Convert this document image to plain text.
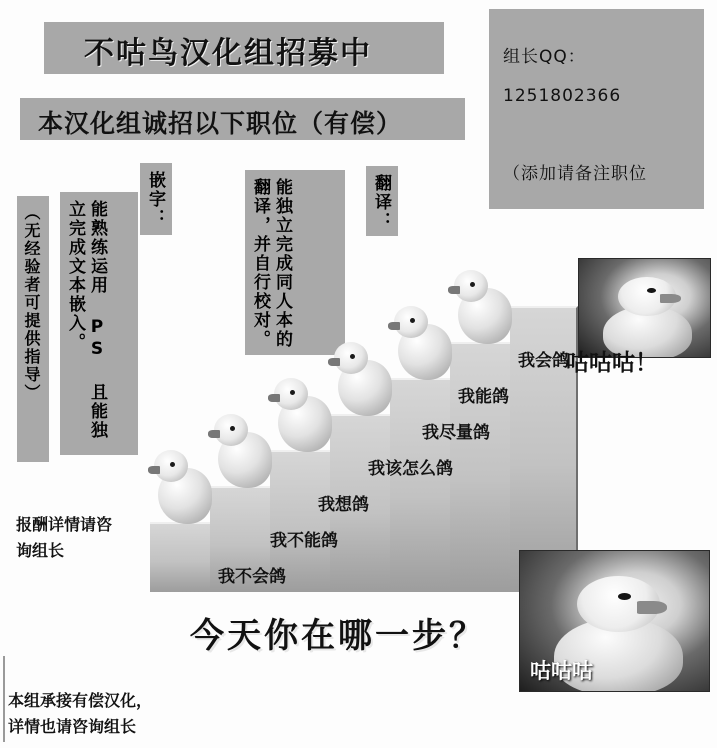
不咕鸟汉化组招募中
本汉化组诚招以下职位（有偿）
组长QQ：
1251802366
（添加请备注职位
（无经验者可提供指导）	能熟练运用 PS 且能独立完成文本嵌入。
嵌字：	能独立完成同人本的翻译，并自行校对。	翻译：
我不会鸽
我不能鸽
我想鸽
我该怎么鸽
我尽量鸽
我能鸽
我会鸽
咕咕咕！
咕咕咕
报酬详情请咨询组长
本组承接有偿汉化，
详情也请咨询组长
今天你在哪一步？
